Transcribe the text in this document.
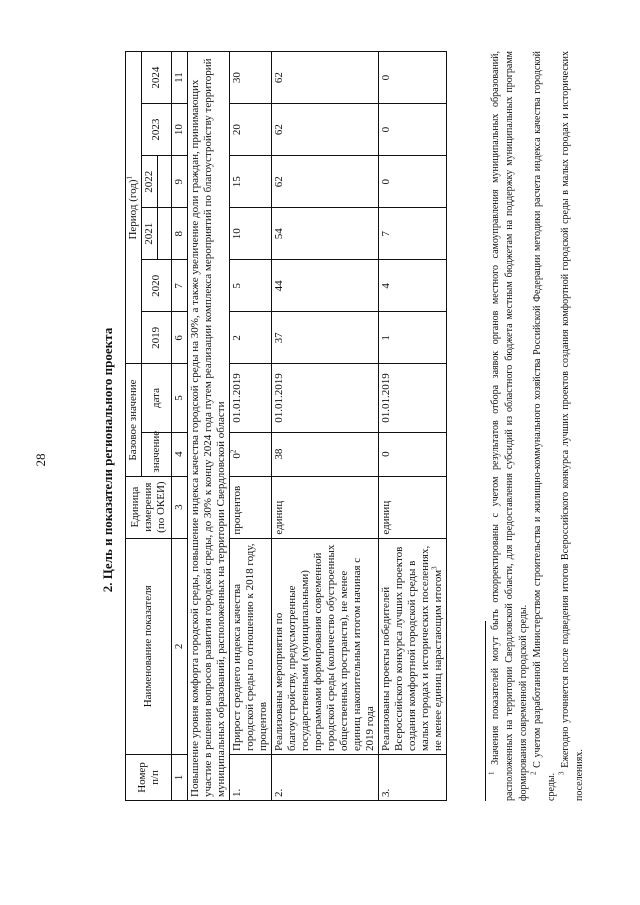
28	2. Цель и показатели регионального проекта
Номер п/п	Наименование показателя	Единица измерения (по ОКЕИ)	Базовое значение		Период (год)$^1$
			значение	дата	2019	2020	2021	2022	2023	2024

1	2	3	4	5	6	7	8	9	10	11
Повышение уровня комфорта городской среды, повышение индекса качества городской среды на 30%, а также увеличение доли граждан, принимающих участие в решении вопросов развития городской среды, до 30% к концу 2024 года путем реализации комплекса мероприятий по благоустройству территорий муниципальных образований, расположенных на территории Свердловской области										
1.	Прирост среднего индекса качества городской среды по отношению к 2018 году, процентов	процентов	$0^2$	01.01.2019	2	5	10	15	20	30
2.	Реализованы мероприятия по благоустройству, предусмотренные государственными (муниципальными) программами формирования современной городской среды (количество обустроенных общественных пространств), не менее единиц накопительным итогом начиная с 2019 года	единиц	38	01.01.2019	37	44	54	62	62	62
3.	Реализованы проекты победителей Всероссийского конкурса лучших проектов создания комфортной городской среды в малых городах и исторических поселениях, не менее единиц нарастающим итогом$^3$	единиц	0	01.01.2019	1	4	7	0	0	0
$^1$ Значения показателей могут быть откорректированы с учетом результатов отбора заявок органов местного самоуправления муниципальных образований, расположенных на территории Свердловской области, для предоставления субсидий из областного бюджета местным бюджетам на поддержку муниципальных программ формирования современной городской среды. $^2$ С учетом разработанной Министерством строительства и жилищно-коммунального хозяйства Российской Федерации методики расчета индекса качества городской среды. $^3$ Ежегодно уточняется после подведения итогов Всероссийского конкурса лучших проектов создания комфортной городской среды в малых городах и исторических поселениях.
